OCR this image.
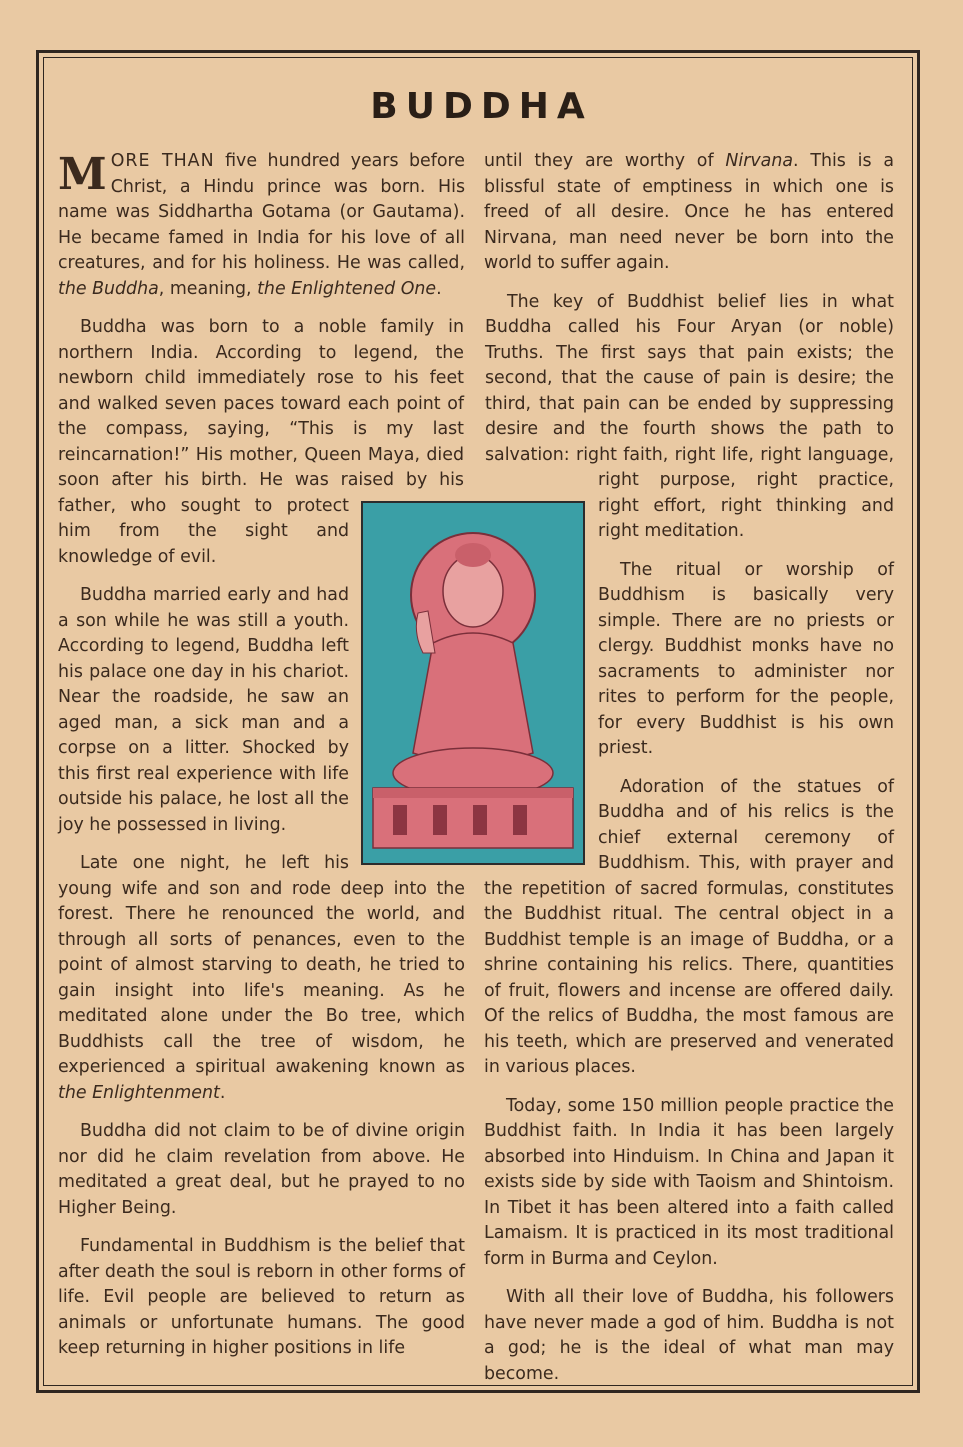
BUDDHA

MORE THAN five hundred years before Christ, a Hindu prince was born. His name was Siddhartha Gotama (or Gautama). He became famed in India for his love of all creatures, and for his holiness. He was called, the Buddha, meaning, the Enlightened One.

Buddha was born to a noble family in northern India. According to legend, the newborn child immediately rose to his feet and walked seven paces toward each point of the compass, saying, “This is my last reincarnation!” His mother, Queen Maya, died soon after his birth. He was raised by his father, who sought to protect him from the sight and knowledge of evil.

Buddha married early and had a son while he was still a youth. According to legend, Buddha left his palace one day in his chariot. Near the roadside, he saw an aged man, a sick man and a corpse on a litter. Shocked by this first real experience with life outside his palace, he lost all the joy he possessed in living.

Late one night, he left his young wife and son and rode deep into the forest. There he renounced the world, and through all sorts of penances, even to the point of almost starving to death, he tried to gain insight into life's meaning. As he meditated alone under the Bo tree, which Buddhists call the tree of wisdom, he experienced a spiritual awakening known as the Enlightenment.

Buddha did not claim to be of divine origin nor did he claim revelation from above. He meditated a great deal, but he prayed to no Higher Being.

Fundamental in Buddhism is the belief that after death the soul is reborn in other forms of life. Evil people are believed to return as animals or unfortunate humans. The good keep returning in higher positions in life

until they are worthy of Nirvana. This is a blissful state of emptiness in which one is freed of all desire. Once he has entered Nirvana, man need never be born into the world to suffer again.

The key of Buddhist belief lies in what Buddha called his Four Aryan (or noble) Truths. The first says that pain exists; the second, that the cause of pain is desire; the third, that pain can be ended by suppressing desire and the fourth shows the path to salvation: right faith, right life, right language, right purpose, right practice, right effort, right thinking and right meditation.

The ritual or worship of Buddhism is basically very simple. There are no priests or clergy. Buddhist monks have no sacraments to administer nor rites to perform for the people, for every Buddhist is his own priest.

Adoration of the statues of Buddha and of his relics is the chief external ceremony of Buddhism. This, with prayer and the repetition of sacred formulas, constitutes the Buddhist ritual. The central object in a Buddhist temple is an image of Buddha, or a shrine containing his relics. There, quantities of fruit, flowers and incense are offered daily. Of the relics of Buddha, the most famous are his teeth, which are preserved and venerated in various places.

Today, some 150 million people practice the Buddhist faith. In India it has been largely absorbed into Hinduism. In China and Japan it exists side by side with Taoism and Shintoism. In Tibet it has been altered into a faith called Lamaism. It is practiced in its most traditional form in Burma and Ceylon.

With all their love of Buddha, his followers have never made a god of him. Buddha is not a god; he is the ideal of what man may become.
